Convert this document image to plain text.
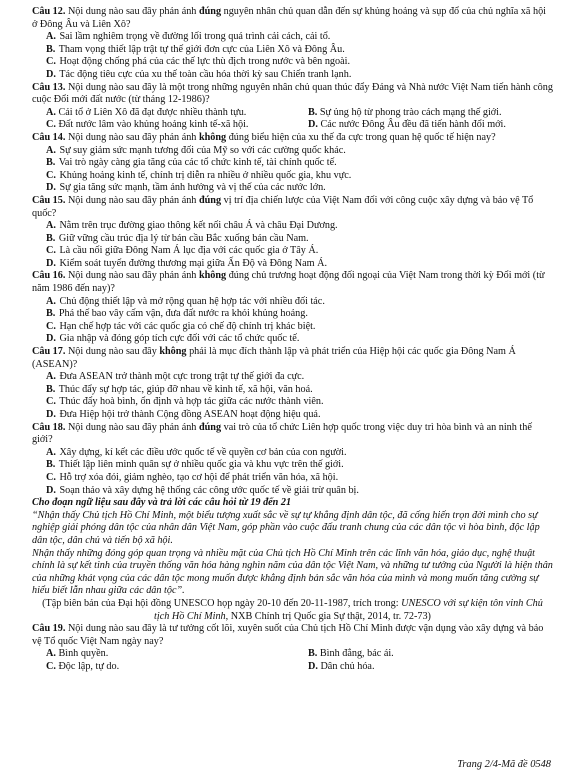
Câu 12. Nội dung nào sau đây phản ánh đúng nguyên nhân chủ quan dẫn đến sự khủng hoảng và sụp đổ của chủ nghĩa xã hội ở Đông Âu và Liên Xô?
A. Sai lầm nghiêm trọng về đường lối trong quá trình cải cách, cải tổ.
B. Tham vọng thiết lập trật tự thế giới đơn cực của Liên Xô và Đông Âu.
C. Hoạt động chống phá của các thế lực thù địch trong nước và bên ngoài.
D. Tác động tiêu cực của xu thế toàn cầu hóa thời kỳ sau Chiến tranh lạnh.
Câu 13. Nội dung nào sau đây là một trong những nguyên nhân chủ quan thúc đẩy Đảng và Nhà nước Việt Nam tiến hành công cuộc Đổi mới đất nước (từ tháng 12-1986)?
A. Cải tổ ở Liên Xô đã đạt được nhiều thành tựu.	B. Sự ủng hộ từ phong trào cách mạng thế giới.
C. Đất nước lâm vào khủng hoảng kinh tế-xã hội.	D. Các nước Đông Âu đều đã tiến hành đổi mới.
Câu 14. Nội dung nào sau đây phản ánh không đúng biểu hiện của xu thế đa cực trong quan hệ quốc tế hiện nay?
A. Sự suy giảm sức mạnh tương đối của Mỹ so với các cường quốc khác.
B. Vai trò ngày càng gia tăng của các tổ chức kinh tế, tài chính quốc tế.
C. Khủng hoảng kinh tế, chính trị diễn ra nhiều ở nhiều quốc gia, khu vực.
D. Sự gia tăng sức mạnh, tầm ảnh hưởng và vị thế của các nước lớn.
Câu 15. Nội dung nào sau đây phản ánh đúng vị trí địa chiến lược của Việt Nam đối với công cuộc xây dựng và bảo vệ Tổ quốc?
A. Nằm trên trục đường giao thông kết nối châu Á và châu Đại Dương.
B. Giữ vững cầu trúc địa lý từ bán cầu Bắc xuống bán cầu Nam.
C. Là cầu nối giữa Đông Nam Á lục địa với các quốc gia ở Tây Á.
D. Kiểm soát tuyến đường thương mại giữa Ấn Độ và Đông Nam Á.
Câu 16. Nội dung nào sau đây phản ánh không đúng chủ trương hoạt động đối ngoại của Việt Nam trong thời kỳ Đổi mới (từ năm 1986 đến nay)?
A. Chủ động thiết lập và mở rộng quan hệ hợp tác với nhiều đối tác.
B. Phá thế bao vây cấm vận, đưa đất nước ra khỏi khủng hoảng.
C. Hạn chế hợp tác với các quốc gia có chế độ chính trị khác biệt.
D. Gia nhập và đóng góp tích cực đối với các tổ chức quốc tế.
Câu 17. Nội dung nào sau đây không phải là mục đích thành lập và phát triển của Hiệp hội các quốc gia Đông Nam Á (ASEAN)?
A. Đưa ASEAN trở thành một cực trong trật tự thế giới đa cực.
B. Thúc đẩy sự hợp tác, giúp đỡ nhau về kinh tế, xã hội, văn hoá.
C. Thúc đẩy hoà bình, ổn định và hợp tác giữa các nước thành viên.
D. Đưa Hiệp hội trở thành Cộng đồng ASEAN hoạt động hiệu quả.
Câu 18. Nội dung nào sau đây phản ánh đúng vai trò của tổ chức Liên hợp quốc trong việc duy trì hòa bình và an ninh thế giới?
A. Xây dựng, kí kết các điều ước quốc tế về quyền cơ bản của con người.
B. Thiết lập liên minh quân sự ở nhiều quốc gia và khu vực trên thế giới.
C. Hỗ trợ xóa đói, giảm nghèo, tạo cơ hội để phát triển văn hóa, xã hội.
D. Soạn thảo và xây dựng hệ thống các công ước quốc tế về giải trừ quân bị.
Cho đoạn ngữ liệu sau đây và trả lời các câu hỏi từ 19 đến 21
“Nhận thấy Chủ tịch Hồ Chí Minh, một biểu tượng xuất sắc về sự tự khẳng định dân tộc, đã cống hiến trọn đời mình cho sự nghiệp giải phóng dân tộc của nhân dân Việt Nam, góp phần vào cuộc đấu tranh chung của các dân tộc vì hòa bình, độc lập dân tộc, dân chủ và tiến bộ xã hội.
Nhận thấy những đóng góp quan trọng và nhiều mặt của Chủ tịch Hồ Chí Minh trên các lĩnh văn hóa, giáo dục, nghệ thuật chính là sự kết tinh của truyền thống văn hóa hàng nghìn năm của dân tộc Việt Nam, và những tư tưởng của Người là hiện thân của những khát vọng của các dân tộc mong muốn được khẳng định bản sắc văn hóa của mình và mong muốn tăng cường sự hiểu biết lẫn nhau giữa các dân tộc”.
(Tập biên bản của Đại hội đồng UNESCO họp ngày 20-10 đến 20-11-1987, trích trong: UNESCO với sự kiện tôn vinh Chủ tịch Hồ Chí Minh, NXB Chính trị Quốc gia Sự thật, 2014, tr. 72-73)
Câu 19. Nội dung nào sau đây là tư tưởng cốt lõi, xuyên suốt của Chủ tịch Hồ Chí Minh được vận dụng vào xây dựng và bảo vệ Tổ quốc Việt Nam ngày nay?
A. Bình quyền.	B. Bình đẳng, bác ái.
C. Độc lập, tự do.	D. Dân chủ hóa.
Trang 2/4-Mã đề 0548
